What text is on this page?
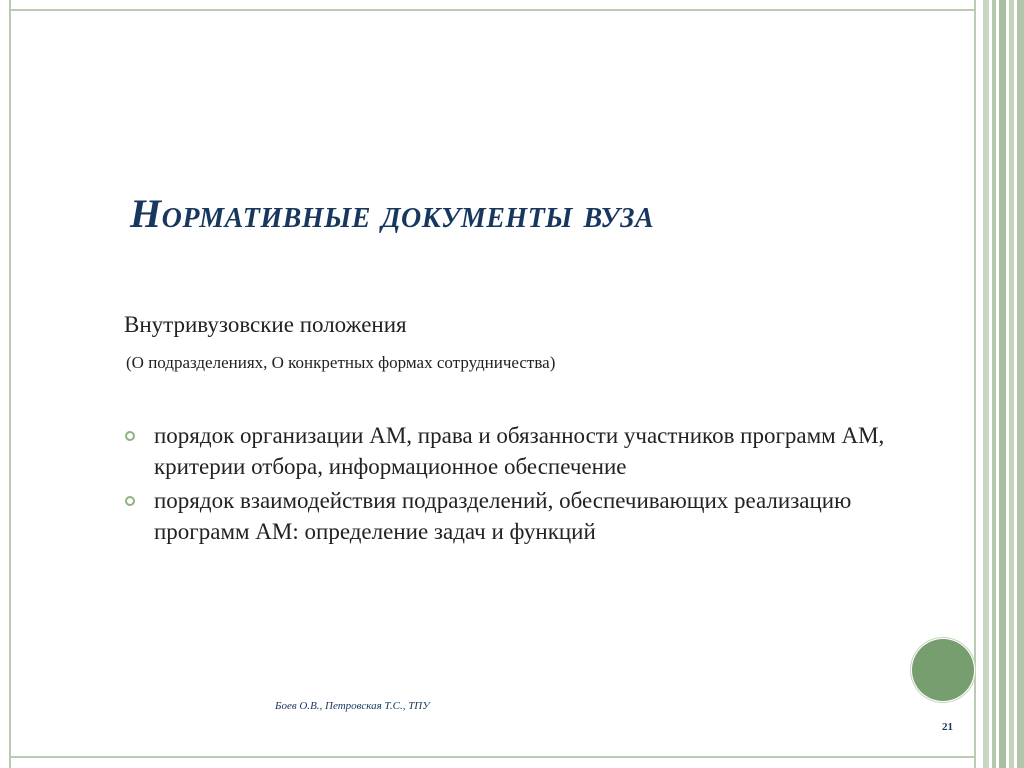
Нормативные документы вуза
Внутривузовские положения
(О подразделениях, О конкретных формах сотрудничества)
порядок организации АМ, права и обязанности участников программ АМ, критерии отбора, информационное обеспечение
порядок взаимодействия подразделений, обеспечивающих реализацию программ АМ: определение задач и функций
Боев О.В., Петровская Т.С., ТПУ
21
